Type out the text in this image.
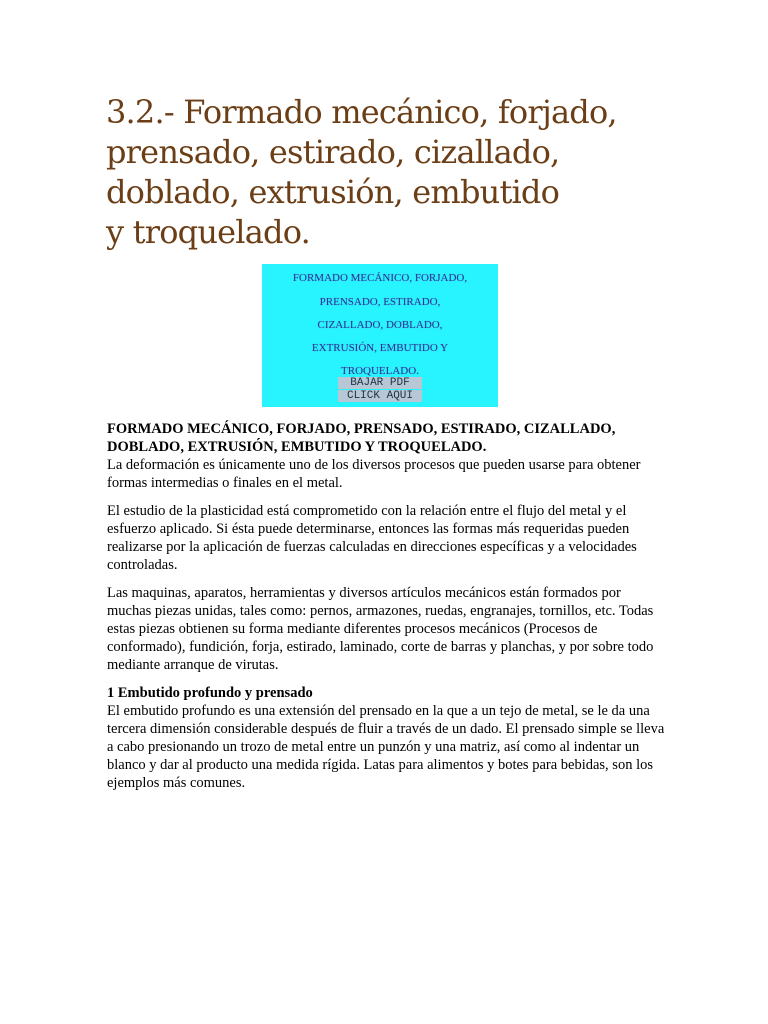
3.2.- Formado mecánico, forjado,
prensado, estirado, cizallado,
doblado, extrusión, embutido
y troquelado.
FORMADO MECÁNICO, FORJADO,
PRENSADO, ESTIRADO,
CIZALLADO, DOBLADO,
EXTRUSIÓN, EMBUTIDO Y
TROQUELADO.
BAJAR PDF
CLICK AQUI

FORMADO MECÁNICO, FORJADO, PRENSADO, ESTIRADO, CIZALLADO, DOBLADO, EXTRUSIÓN, EMBUTIDO Y TROQUELADO.
La deformación es únicamente uno de los diversos procesos que pueden usarse para obtener formas intermedias o finales en el metal.

El estudio de la plasticidad está comprometido con la relación entre el flujo del metal y el esfuerzo aplicado. Si ésta puede determinarse, entonces las formas más requeridas pueden realizarse por la aplicación de fuerzas calculadas en direcciones específicas y a velocidades controladas.

Las maquinas, aparatos, herramientas y diversos artículos mecánicos están formados por muchas piezas unidas, tales como: pernos, armazones, ruedas, engranajes, tornillos, etc. Todas estas piezas obtienen su forma mediante diferentes procesos mecánicos (Procesos de conformado), fundición, forja, estirado, laminado, corte de barras y planchas, y por sobre todo mediante arranque de virutas.

1 Embutido profundo y prensado
El embutido profundo es una extensión del prensado en la que a un tejo de metal, se le da una tercera dimensión considerable después de fluir a través de un dado. El prensado simple se lleva a cabo presionando un trozo de metal entre un punzón y una matriz, así como al indentar un blanco y dar al producto una medida rígida. Latas para alimentos y botes para bebidas, son los ejemplos más comunes.
